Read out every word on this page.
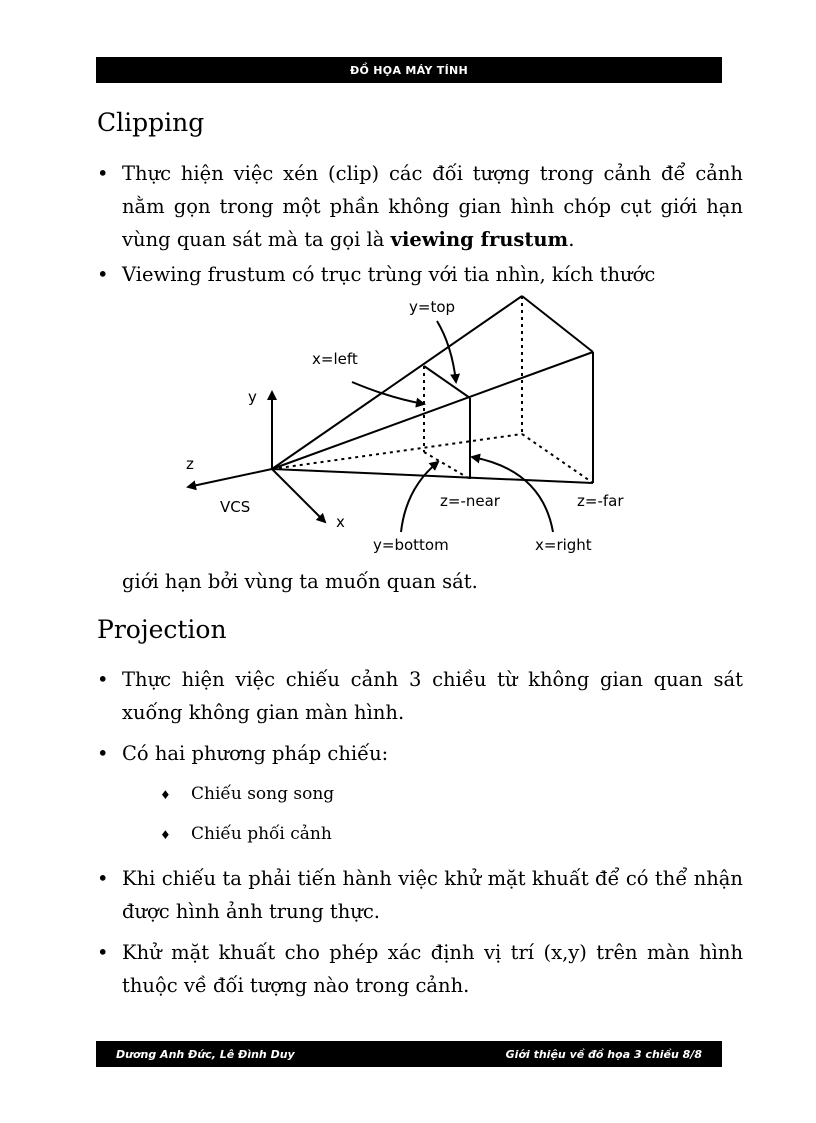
ĐỒ HỌA MÁY TÍNH
Clipping
• Thực hiện việc xén (clip) các đối tượng trong cảnh để cảnh nằm gọn trong một phần không gian hình chóp cụt giới hạn vùng quan sát mà ta gọi là viewing frustum.
• Viewing frustum có trục trùng với tia nhìn, kích thước
y=top
x=left
y
z
VCS
x
z=-near	z=-far
y=bottom	x=right
giới hạn bởi vùng ta muốn quan sát.
Projection
• Thực hiện việc chiếu cảnh 3 chiều từ không gian quan sát xuống không gian màn hình.
• Có hai phương pháp chiếu:
♦ Chiếu song song
♦ Chiếu phối cảnh
• Khi chiếu ta phải tiến hành việc khử mặt khuất để có thể nhận được hình ảnh trung thực.
• Khử mặt khuất cho phép xác định vị trí (x,y) trên màn hình thuộc về đối tượng nào trong cảnh.
Dương Anh Đức, Lê Đình Duy	Giới thiệu về đồ họa 3 chiều 8/8
